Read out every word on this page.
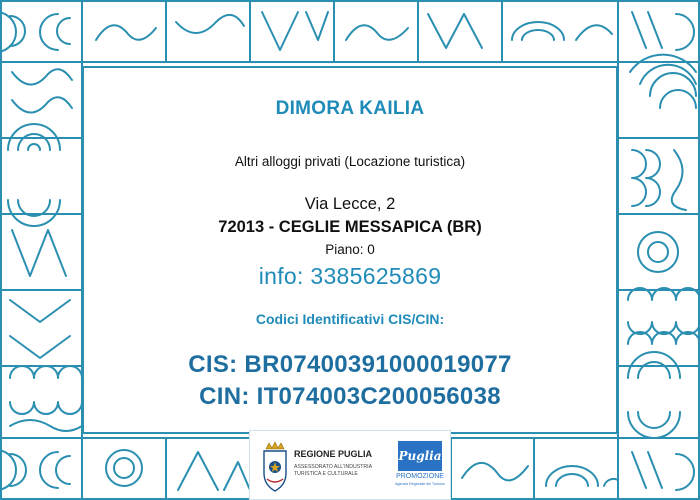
DIMORA KAILIA
Altri alloggi privati (Locazione turistica)
Via Lecce, 2
72013 - CEGLIE MESSAPICA (BR)
Piano: 0
info: 3385625869
Codici Identificativi CIS/CIN:
CIS: BR07400391000019077
CIN: IT074003C200056038
REGIONE PUGLIA
ASSESSORATO ALL'INDUSTRIA
TURISTICA E CULTURALE
Puglia
PROMOZIONE
Agenzia Regionale del Turismo
